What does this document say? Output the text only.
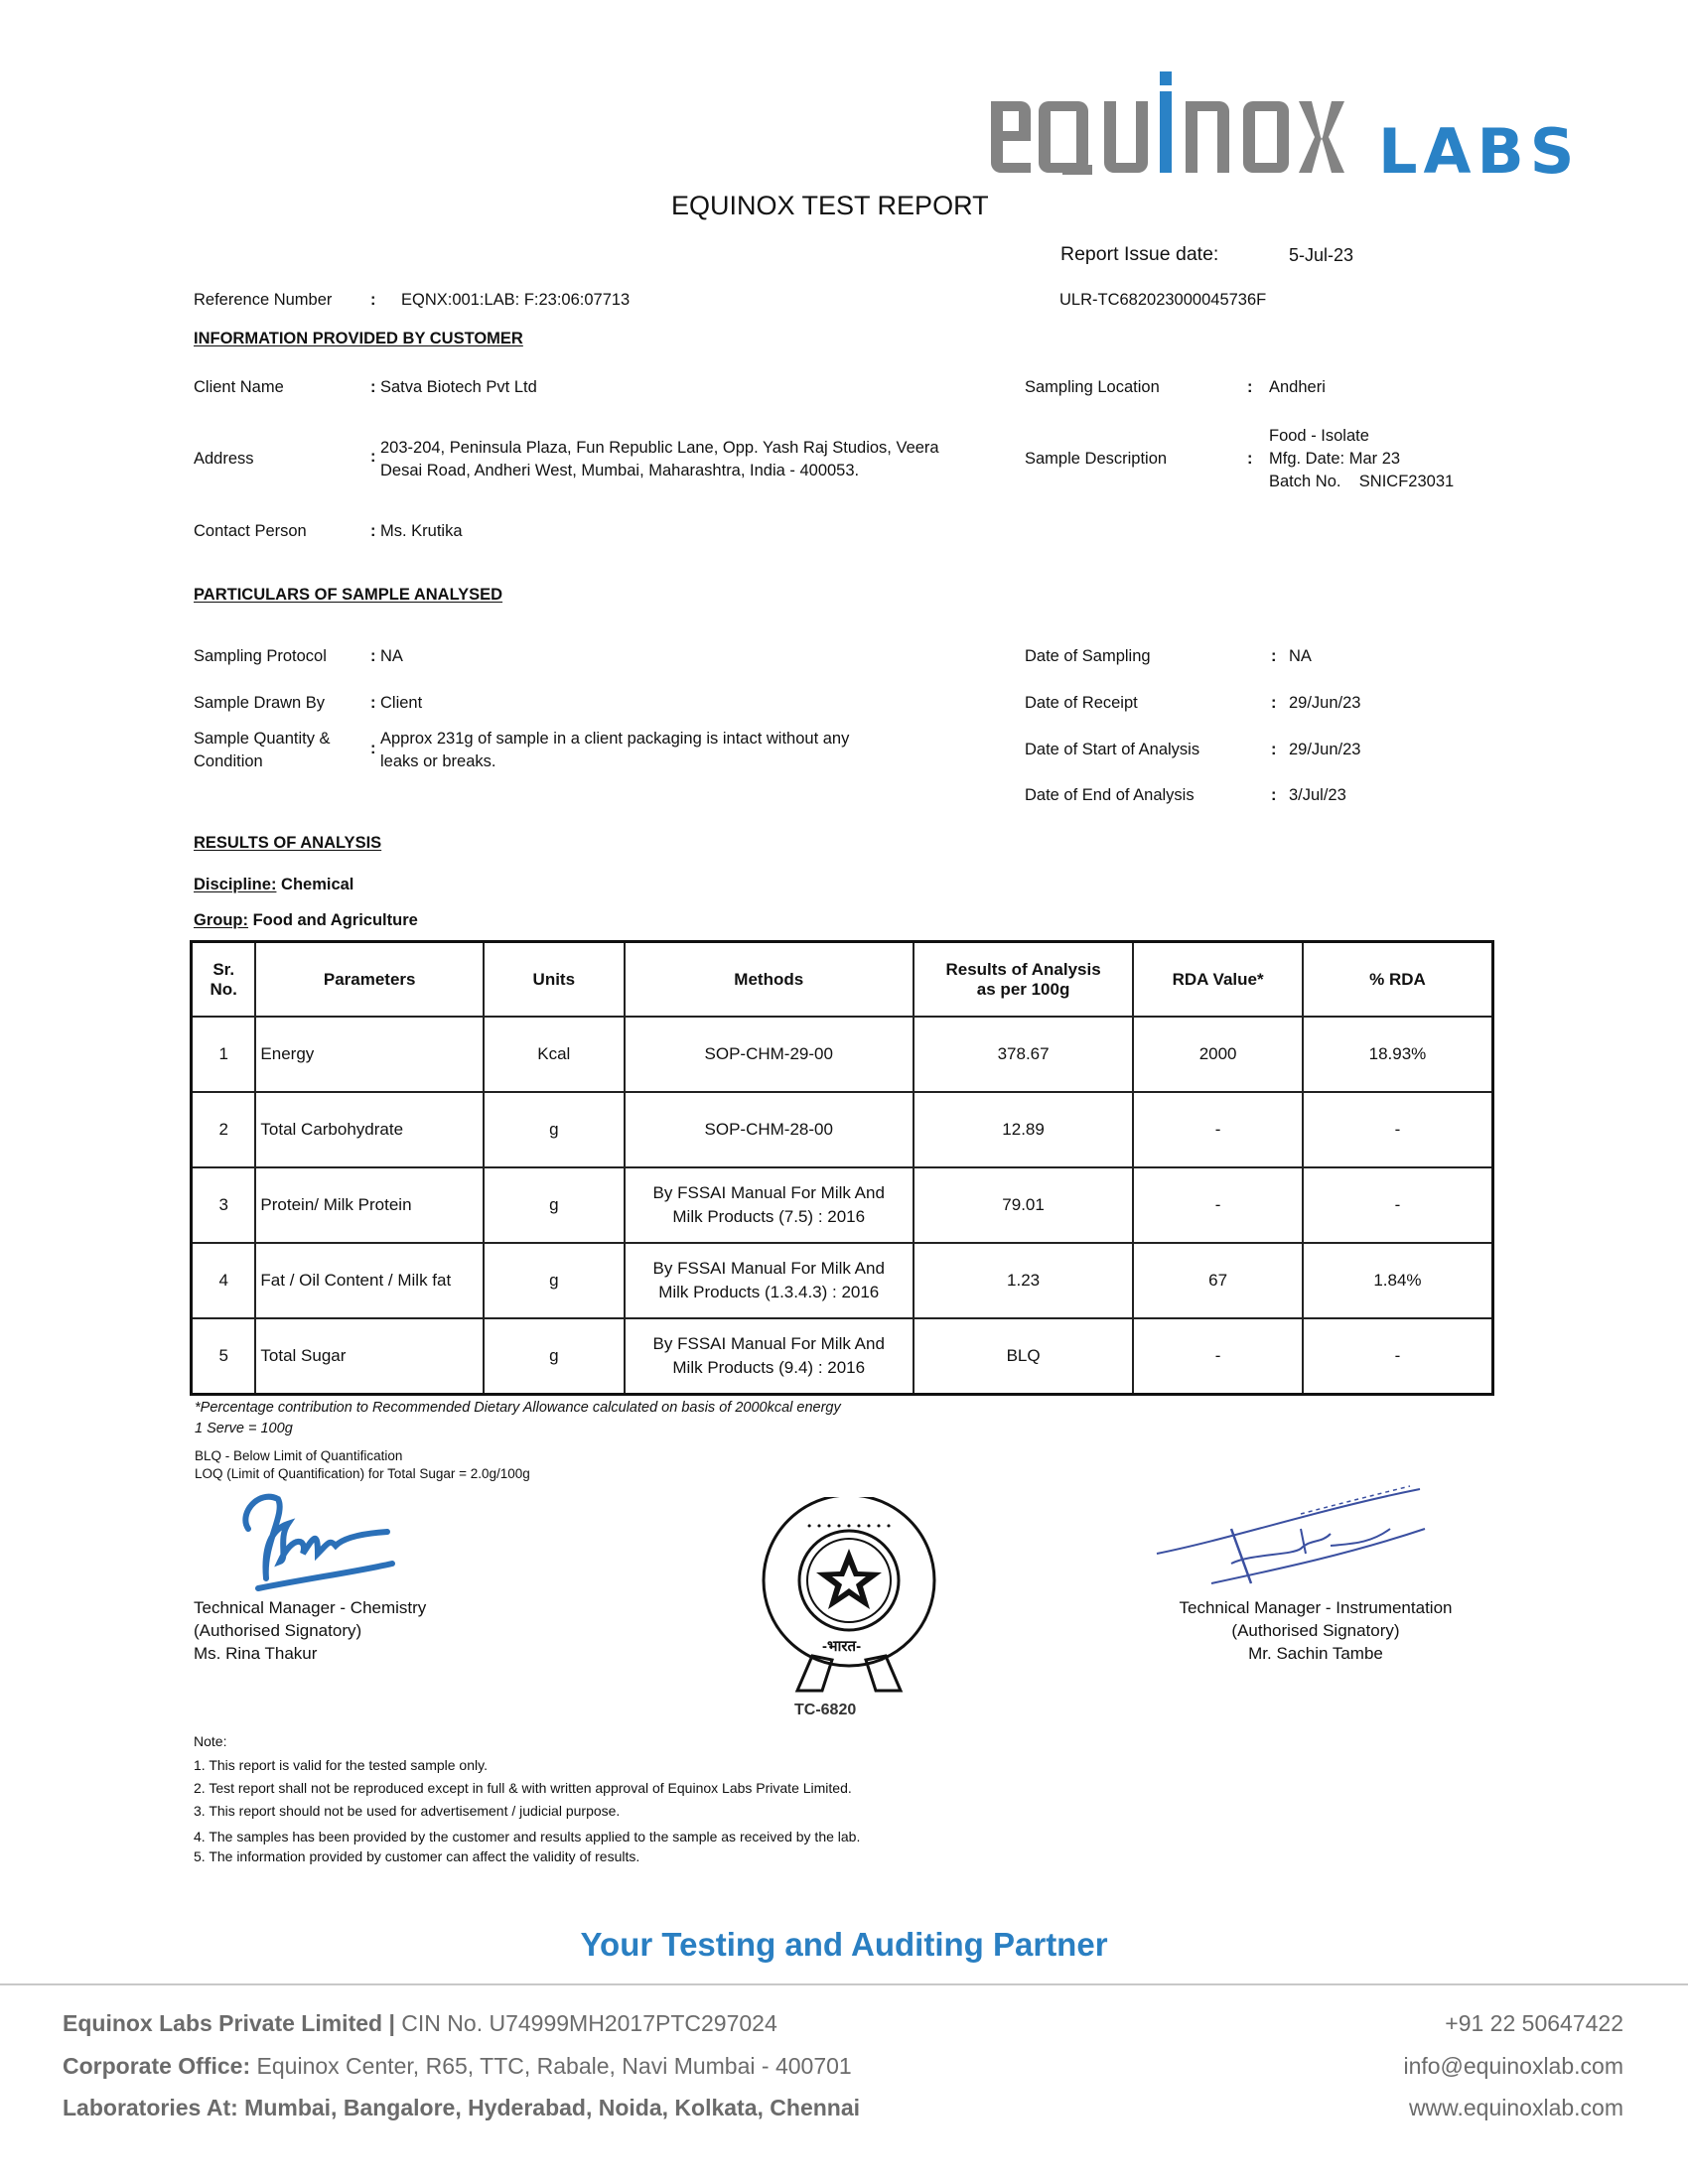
LABS
EQUINOX TEST REPORT
Report Issue date:	5-Jul-23
Reference Number : EQNX:001:LAB: F:23:06:07713	ULR-TC682023000045736F
INFORMATION PROVIDED BY CUSTOMER
Client Name	: Satva Biotech Pvt Ltd
Address	: 203-204, Peninsula Plaza, Fun Republic Lane, Opp. Yash Raj Studios, Veera
Desai Road, Andheri West, Mumbai, Maharashtra, India - 400053.
Contact Person	: Ms. Krutika
Sampling Location	: Andheri
Sample Description	:
Food - Isolate
Mfg. Date: Mar 23
Batch No.    SNICF23031
PARTICULARS OF SAMPLE ANALYSED
Sampling Protocol	: NA
Sample Drawn By	: Client
Sample Quantity &
Condition
:
Approx 231g of sample in a client packaging is intact without any
leaks or breaks.
Date of Sampling	: NA
Date of Receipt	: 29/Jun/23
Date of Start of Analysis	: 29/Jun/23
Date of End of Analysis	: 3/Jul/23
RESULTS OF ANALYSIS
Discipline: Chemical
Group: Food and Agriculture
Sr.
No.	Parameters	Units	Methods	Results of Analysis
as per 100g	RDA Value*	% RDA
1	Energy	Kcal	SOP-CHM-29-00	378.67	2000	18.93%
2	Total Carbohydrate	g	SOP-CHM-28-00	12.89	-	-
3	Protein/ Milk Protein	g	By FSSAI Manual For Milk And
Milk Products (7.5) : 2016	79.01	-	-
4	Fat / Oil Content / Milk fat	g	By FSSAI Manual For Milk And
Milk Products (1.3.4.3) : 2016	1.23	67	1.84%
5	Total Sugar	g	By FSSAI Manual For Milk And
Milk Products (9.4) : 2016	BLQ	-	-
*Percentage contribution to Recommended Dietary Allowance calculated on basis of 2000kcal energy
1 Serve = 100g
BLQ - Below Limit of Quantification
LOQ (Limit of Quantification) for Total Sugar = 2.0g/100g
Technical Manager - Chemistry
(Authorised Signatory)
Ms. Rina Thakur
• • • • • • • • •
-भारत-
TC-6820
Technical Manager - Instrumentation
(Authorised Signatory)
Mr. Sachin Tambe
Note:
1. This report is valid for the tested sample only.
2. Test report shall not be reproduced except in full & with written approval of Equinox Labs Private Limited.
3. This report should not be used for advertisement / judicial purpose.
4. The samples has been provided by the customer and results applied to the sample as received by the lab.
5. The information provided by customer can affect the validity of results.
Your Testing and Auditing Partner
Equinox Labs Private Limited | CIN No. U74999MH2017PTC297024
Corporate Office: Equinox Center, R65, TTC, Rabale, Navi Mumbai - 400701
Laboratories At: Mumbai, Bangalore, Hyderabad, Noida, Kolkata, Chennai
+91 22 50647422
info@equinoxlab.com
www.equinoxlab.com
